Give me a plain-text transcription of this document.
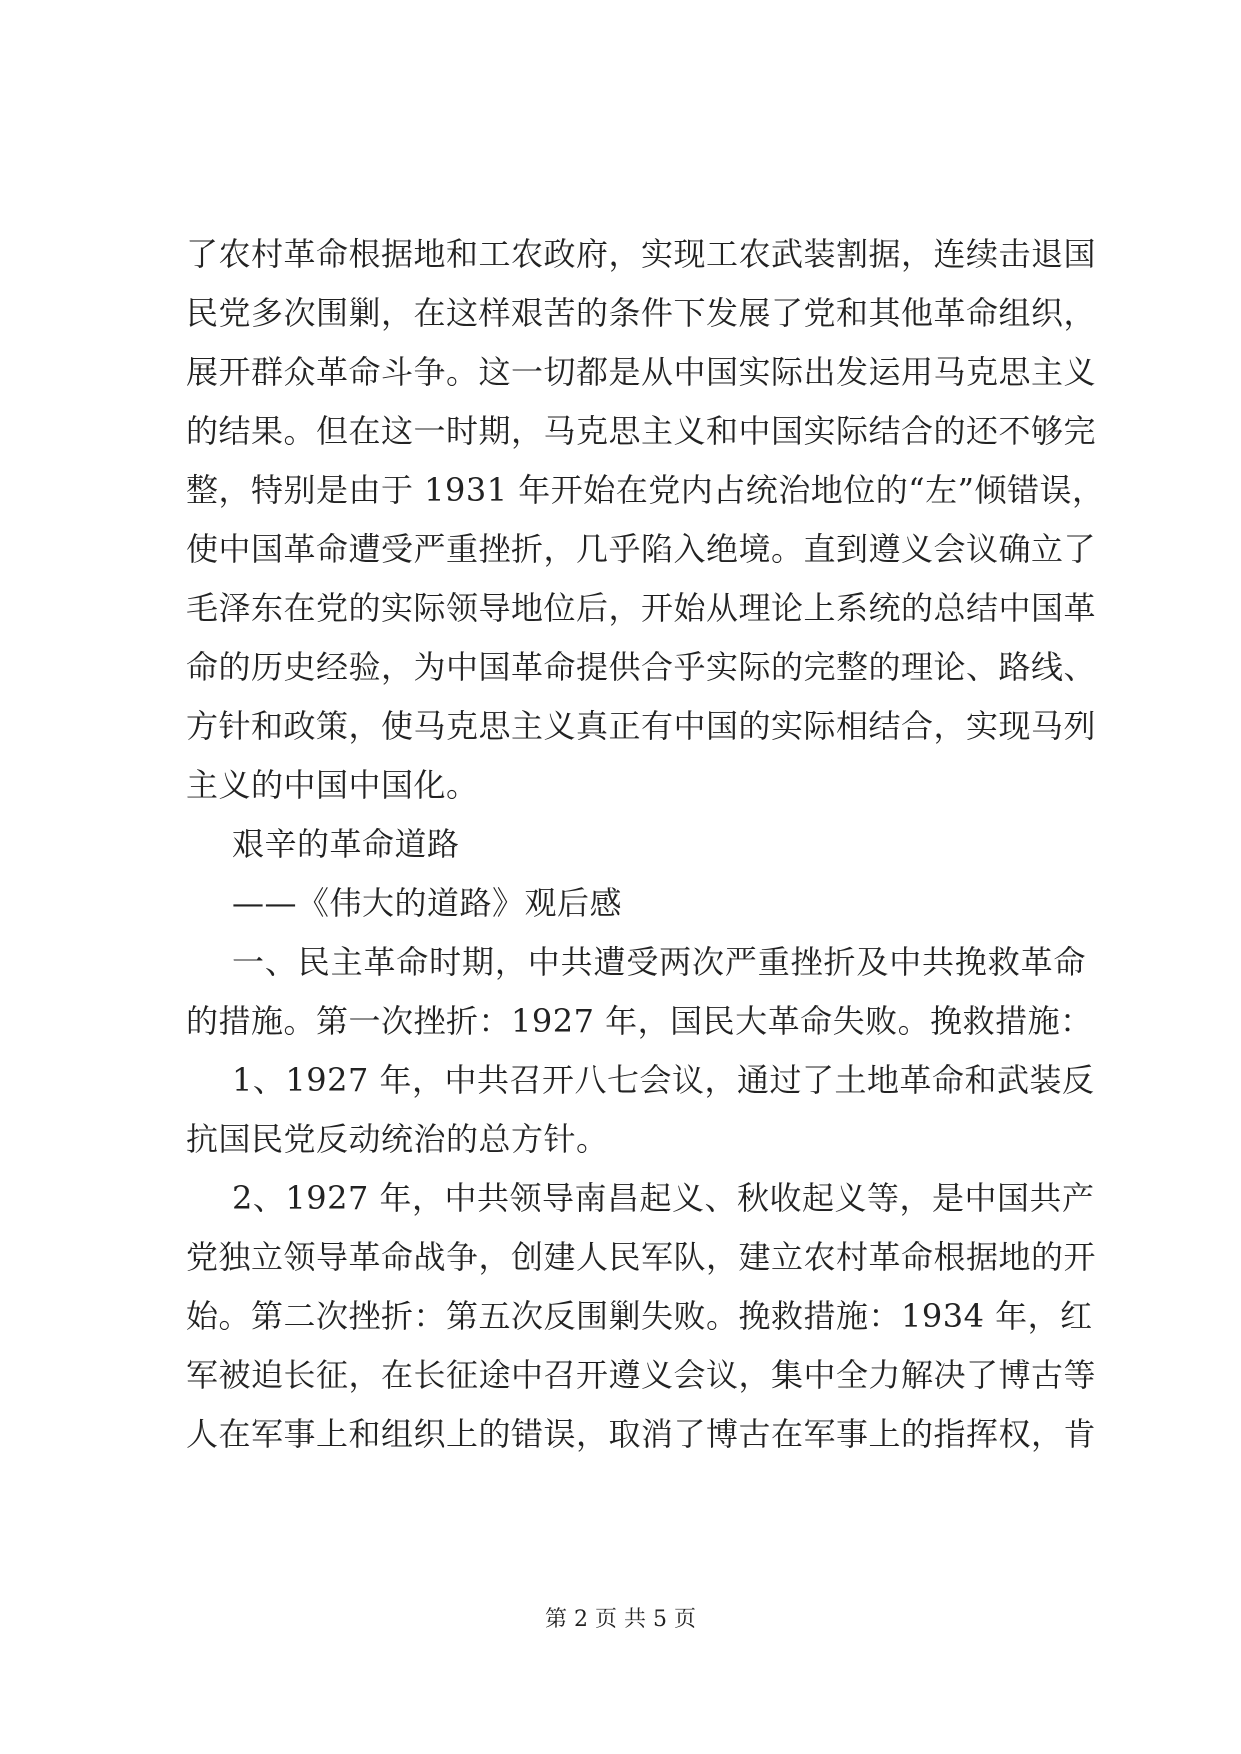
了农村革命根据地和工农政府，实现工农武装割据，连续击退国
民党多次围剿，在这样艰苦的条件下发展了党和其他革命组织，
展开群众革命斗争。这一切都是从中国实际出发运用马克思主义
的结果。但在这一时期，马克思主义和中国实际结合的还不够完
整，特别是由于 1931 年开始在党内占统治地位的“左”倾错误，
使中国革命遭受严重挫折，几乎陷入绝境。直到遵义会议确立了
毛泽东在党的实际领导地位后，开始从理论上系统的总结中国革
命的历史经验，为中国革命提供合乎实际的完整的理论、路线、
方针和政策，使马克思主义真正有中国的实际相结合，实现马列
主义的中国中国化。
艰辛的革命道路
——《伟大的道路》观后感
一、民主革命时期，中共遭受两次严重挫折及中共挽救革命
的措施。第一次挫折：1927 年，国民大革命失败。挽救措施：
1、1927 年，中共召开八七会议，通过了土地革命和武装反
抗国民党反动统治的总方针。
2、1927 年，中共领导南昌起义、秋收起义等，是中国共产
党独立领导革命战争，创建人民军队，建立农村革命根据地的开
始。第二次挫折：第五次反围剿失败。挽救措施：1934 年，红
军被迫长征，在长征途中召开遵义会议，集中全力解决了博古等
人在军事上和组织上的错误，取消了博古在军事上的指挥权，肯
第 2 页 共 5 页
